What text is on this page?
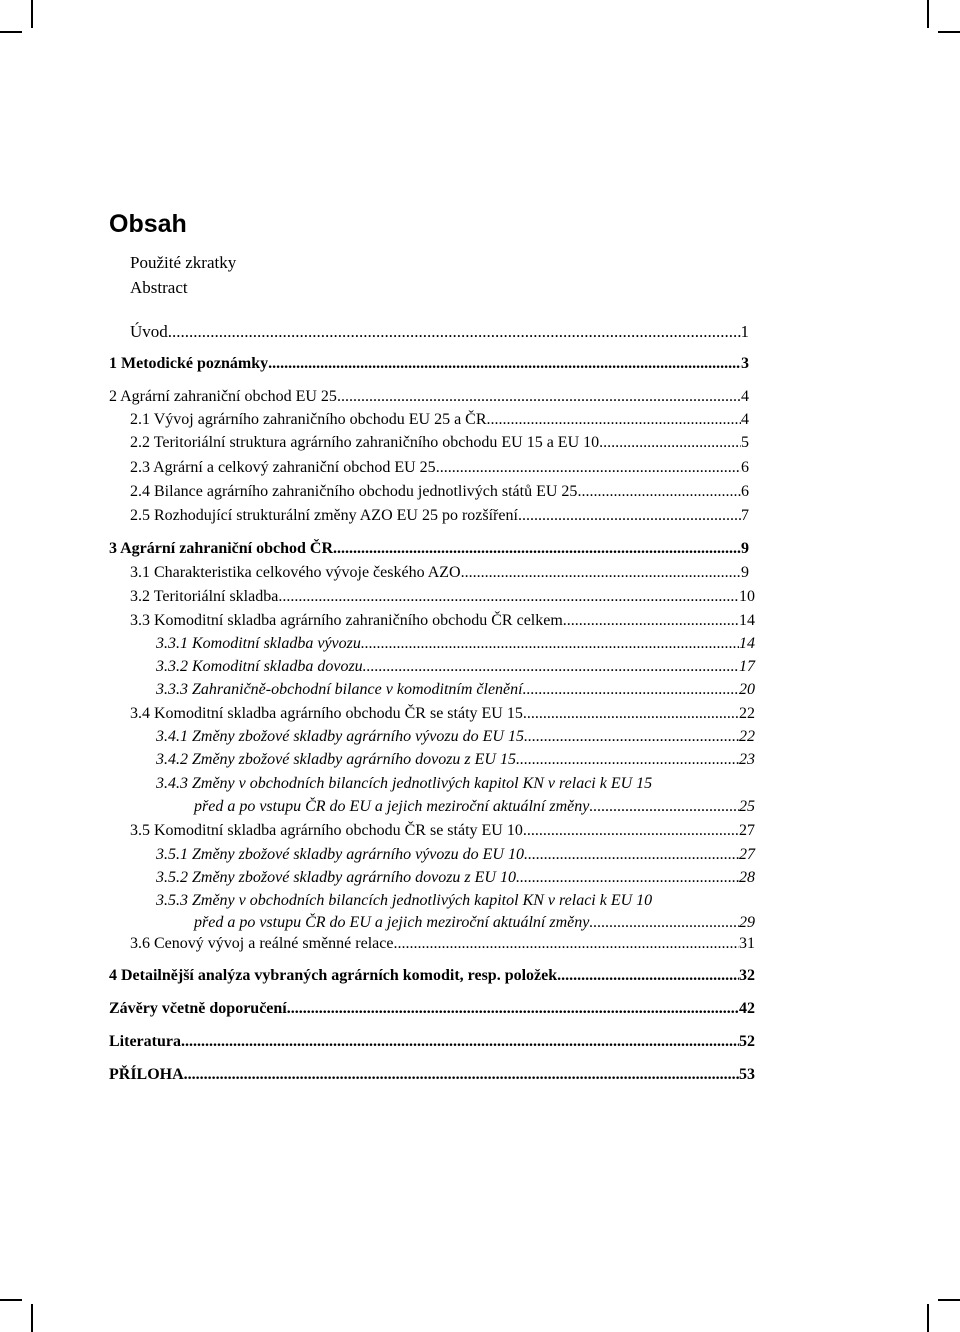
Obsah
Použité zkratky
Abstract
Úvod .....	1
1 Metodické poznámky .....	3
2 Agrární zahraniční obchod EU 25 .....	4
2.1 Vývoj agrárního zahraničního obchodu EU 25 a ČR .....	4
2.2 Teritoriální struktura agrárního zahraničního obchodu EU 15 a EU 10 .....	5
2.3 Agrární a celkový zahraniční obchod EU 25 .....	6
2.4 Bilance agrárního zahraničního obchodu jednotlivých států EU 25 .....	6
2.5 Rozhodující strukturální změny AZO EU 25 po rozšíření .....	7
3 Agrární zahraniční obchod ČR .....	9
3.1 Charakteristika celkového vývoje českého AZO .....	9
3.2 Teritoriální skladba .....	10
3.3 Komoditní skladba agrárního zahraničního obchodu ČR celkem .....	14
3.3.1 Komoditní skladba vývozu .....	14
3.3.2 Komoditní skladba dovozu .....	17
3.3.3 Zahraničně-obchodní bilance v komoditním členění .....	20
3.4 Komoditní skladba agrárního obchodu ČR se státy EU 15 .....	22
3.4.1 Změny zbožové skladby agrárního vývozu do EU 15 .....	22
3.4.2 Změny zbožové skladby agrárního dovozu z EU 15 .....	23
3.4.3 Změny v obchodních bilancích jednotlivých kapitol KN v relaci k EU 15
před a po vstupu ČR do EU a jejich meziroční aktuální změny .....	25
3.5 Komoditní skladba agrárního obchodu ČR se státy EU 10 .....	27
3.5.1 Změny zbožové skladby agrárního vývozu do EU 10 .....	27
3.5.2 Změny zbožové skladby agrárního dovozu z EU 10 .....	28
3.5.3 Změny v obchodních bilancích jednotlivých kapitol KN v relaci k EU 10
před a po vstupu ČR do EU a jejich meziroční aktuální změny .....	29
3.6 Cenový vývoj a reálné směnné relace .....	31
4 Detailnější analýza vybraných agrárních komodit, resp. položek .....	32
Závěry včetně doporučení .....	42
Literatura .....	52
PŘÍLOHA .....	53
